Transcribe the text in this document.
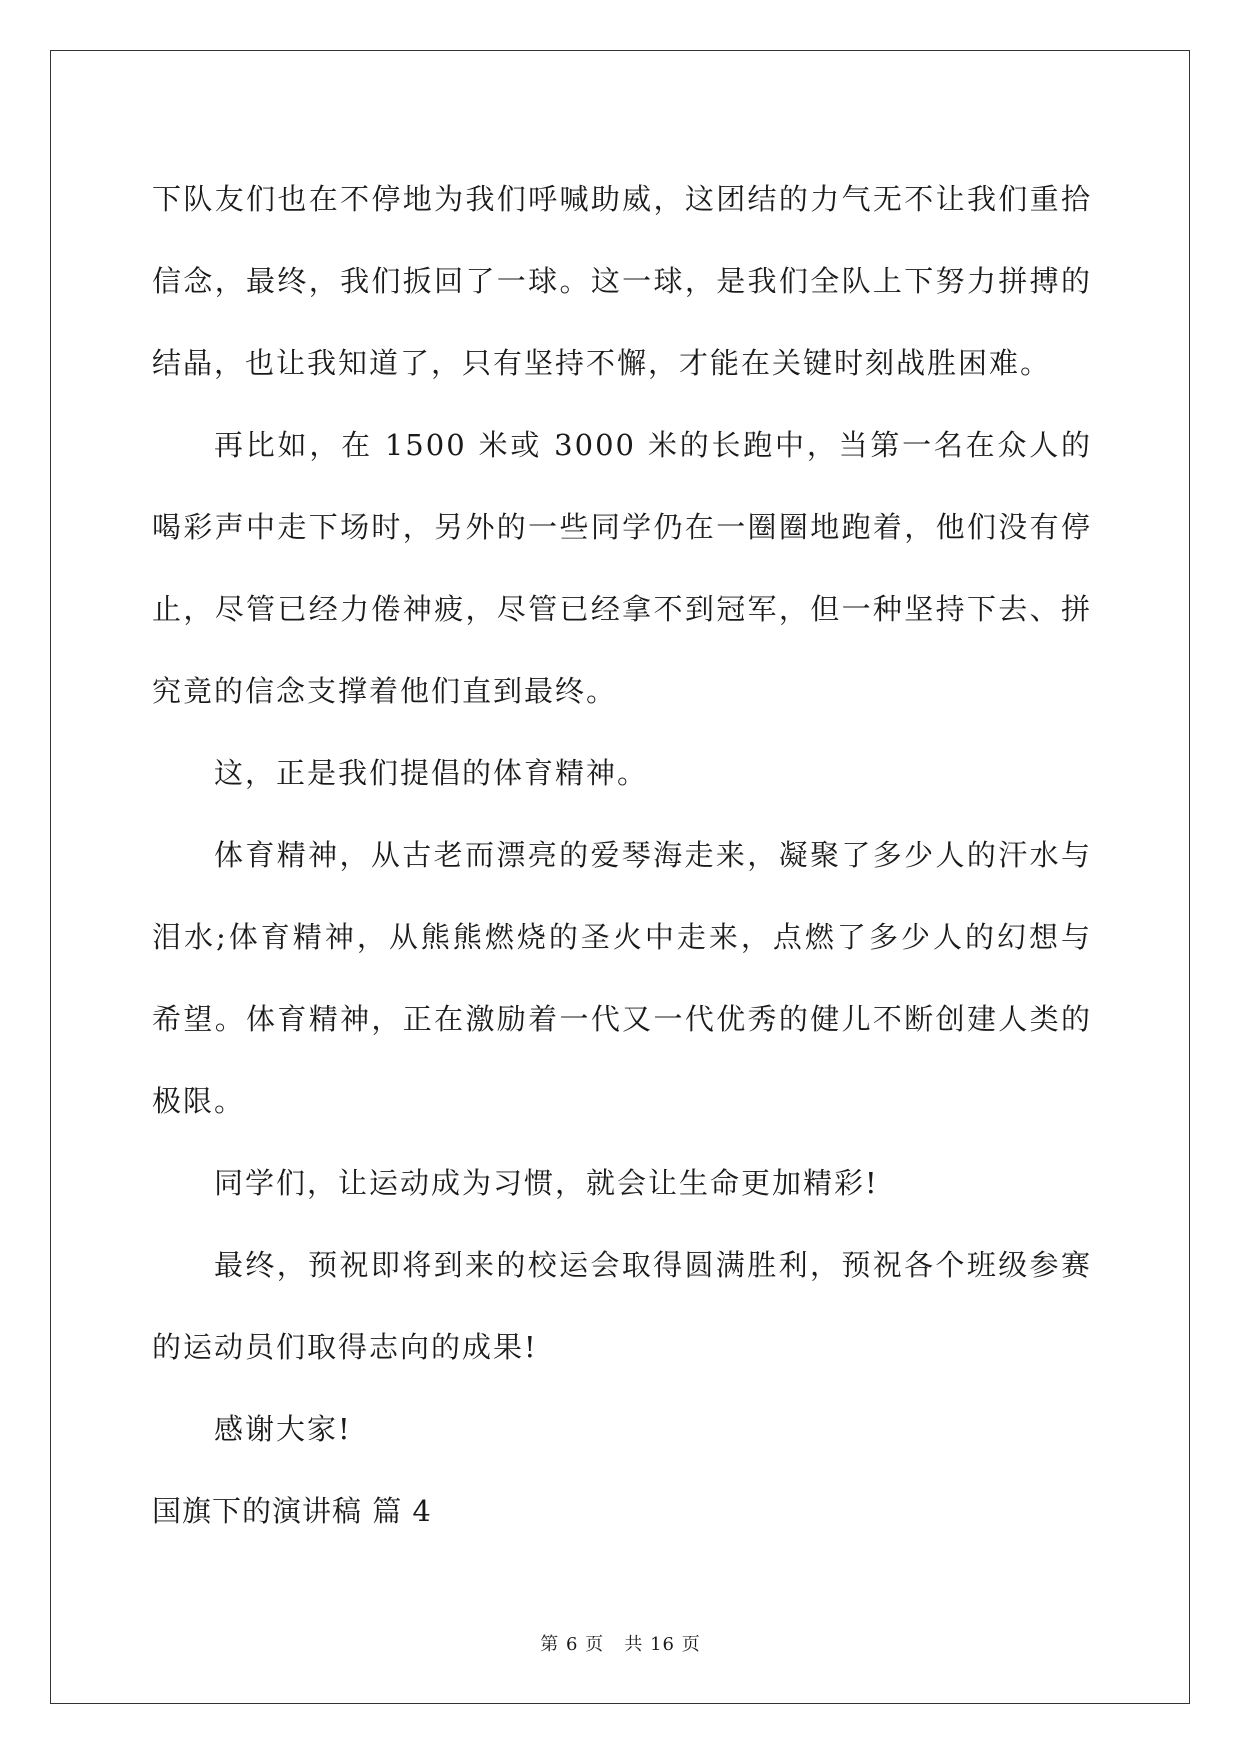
下队友们也在不停地为我们呼喊助威，这团结的力气无不让我们重拾信念，最终，我们扳回了一球。这一球，是我们全队上下努力拼搏的结晶，也让我知道了，只有坚持不懈，才能在关键时刻战胜困难。

再比如，在 1500 米或 3000 米的长跑中，当第一名在众人的喝彩声中走下场时，另外的一些同学仍在一圈圈地跑着，他们没有停止，尽管已经力倦神疲，尽管已经拿不到冠军，但一种坚持下去、拼究竟的信念支撑着他们直到最终。

这，正是我们提倡的体育精神。

体育精神，从古老而漂亮的爱琴海走来，凝聚了多少人的汗水与泪水;体育精神，从熊熊燃烧的圣火中走来，点燃了多少人的幻想与希望。体育精神，正在激励着一代又一代优秀的健儿不断创建人类的极限。

同学们，让运动成为习惯，就会让生命更加精彩!

最终，预祝即将到来的校运会取得圆满胜利，预祝各个班级参赛的运动员们取得志向的成果!

感谢大家!

国旗下的演讲稿 篇 4

第 6 页 共 16 页
